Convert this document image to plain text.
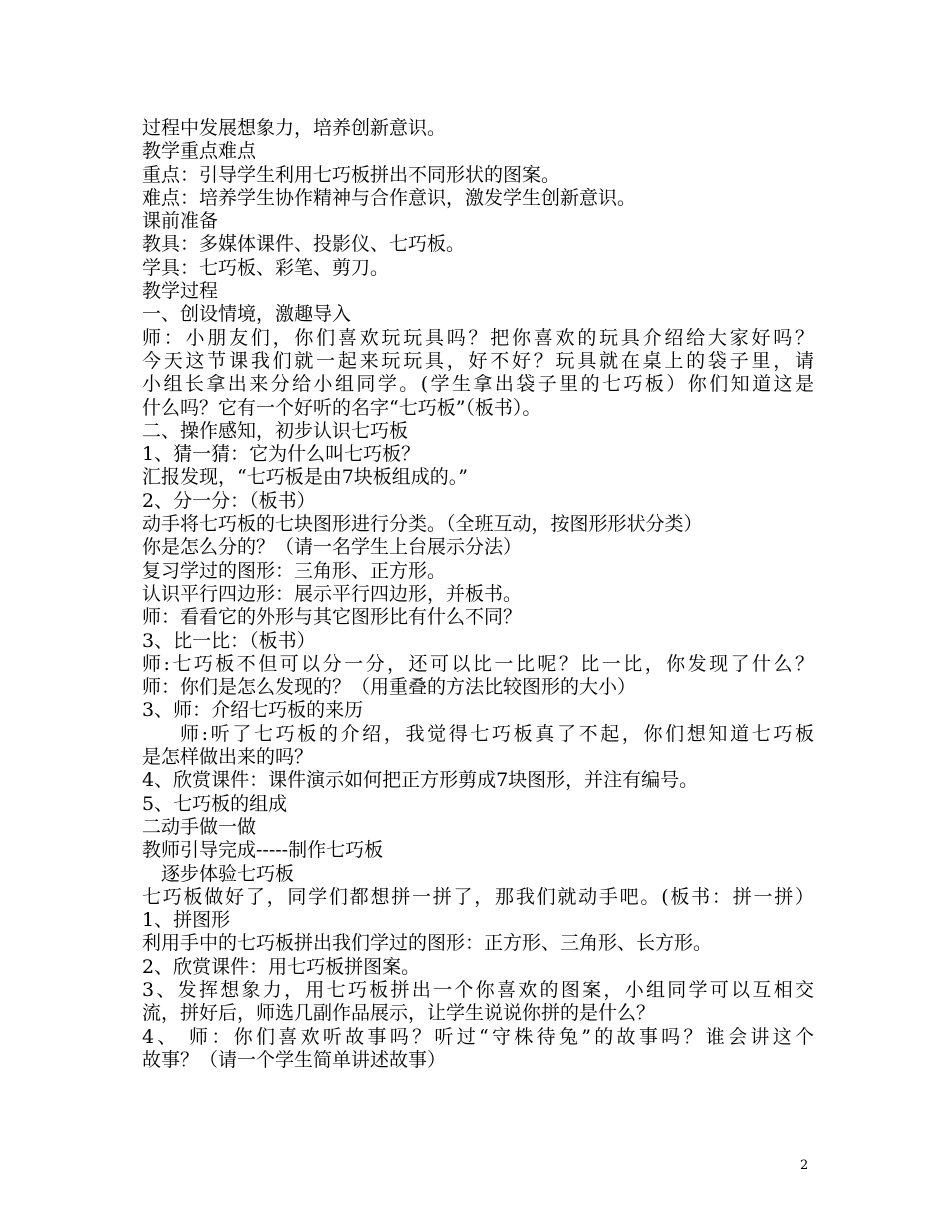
过程中发展想象力，培养创新意识。
教学重点难点
重点：引导学生利用七巧板拼出不同形状的图案。
难点：培养学生协作精神与合作意识，激发学生创新意识。
课前准备
教具：多媒体课件、投影仪、七巧板。
学具：七巧板、彩笔、剪刀。
教学过程
一、创设情境，激趣导入
师：小朋友们，你们喜欢玩玩具吗？把你喜欢的玩具介绍给大家好吗？
今天这节课我们就一起来玩玩具，好不好？玩具就在桌上的袋子里，请
小组长拿出来分给小组同学。(学生拿出袋子里的七巧板）你们知道这是
什么吗？它有一个好听的名字“七巧板”（板书）。
二、操作感知，初步认识七巧板
1、猜一猜：它为什么叫七巧板？
汇报发现，“七巧板是由7块板组成的。”
2、分一分：（板书）
动手将七巧板的七块图形进行分类。（全班互动，按图形形状分类）
你是怎么分的？（请一名学生上台展示分法）
复习学过的图形：三角形、正方形。
认识平行四边形：展示平行四边形，并板书。
师：看看它的外形与其它图形比有什么不同？
3、比一比：（板书）
师:七巧板不但可以分一分，还可以比一比呢？比一比，你发现了什么？
师：你们是怎么发现的？（用重叠的方法比较图形的大小）
3、师：介绍七巧板的来历
师:听了七巧板的介绍，我觉得七巧板真了不起，你们想知道七巧板
是怎样做出来的吗？
4、欣赏课件：课件演示如何把正方形剪成7块图形，并注有编号。
5、七巧板的组成
二动手做一做
教师引导完成-----制作七巧板
逐步体验七巧板
七巧板做好了，同学们都想拼一拼了，那我们就动手吧。(板书：拼一拼）
1、拼图形
利用手中的七巧板拼出我们学过的图形：正方形、三角形、长方形。
2、欣赏课件：用七巧板拼图案。
3、发挥想象力，用七巧板拼出一个你喜欢的图案，小组同学可以互相交
流，拼好后，师选几副作品展示，让学生说说你拼的是什么？
4、 师：你们喜欢听故事吗？听过“守株待兔”的故事吗？谁会讲这个
故事？（请一个学生简单讲述故事）
2
